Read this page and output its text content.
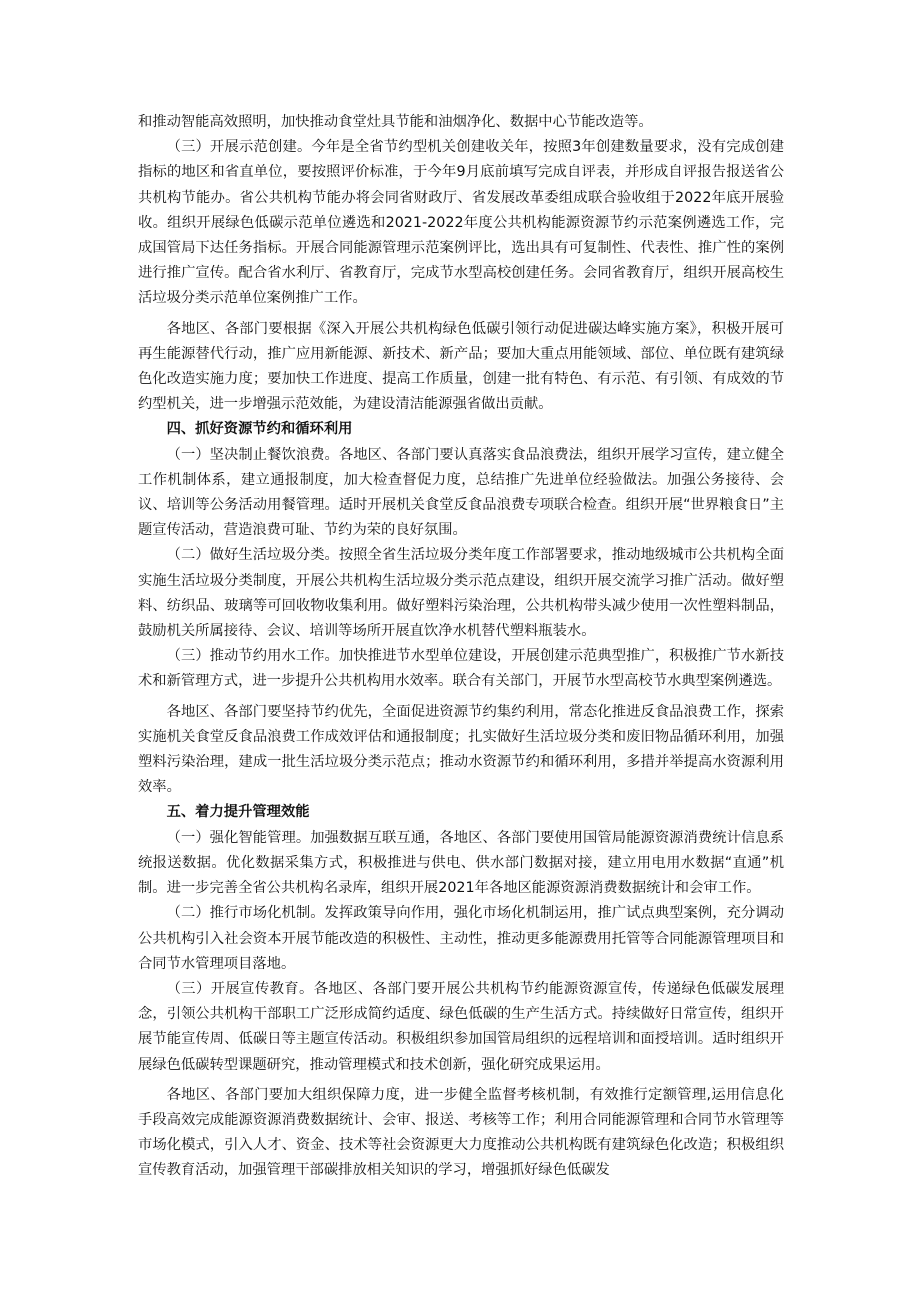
和推动智能高效照明，加快推动食堂灶具节能和油烟净化、数据中心节能改造等。

（三）开展示范创建。今年是全省节约型机关创建收关年，按照3年创建数量要求，没有完成创建指标的地区和省直单位，要按照评价标准，于今年9月底前填写完成自评表，并形成自评报告报送省公共机构节能办。省公共机构节能办将会同省财政厅、省发展改革委组成联合验收组于2022年底开展验收。组织开展绿色低碳示范单位遴选和2021-2022年度公共机构能源资源节约示范案例遴选工作，完成国管局下达任务指标。开展合同能源管理示范案例评比，选出具有可复制性、代表性、推广性的案例进行推广宣传。配合省水利厅、省教育厅，完成节水型高校创建任务。会同省教育厅，组织开展高校生活垃圾分类示范单位案例推广工作。

各地区、各部门要根据《深入开展公共机构绿色低碳引领行动促进碳达峰实施方案》，积极开展可再生能源替代行动，推广应用新能源、新技术、新产品；要加大重点用能领域、部位、单位既有建筑绿色化改造实施力度；要加快工作进度、提高工作质量，创建一批有特色、有示范、有引领、有成效的节约型机关，进一步增强示范效能，为建设清洁能源强省做出贡献。

四、抓好资源节约和循环利用

（一）坚决制止餐饮浪费。各地区、各部门要认真落实食品浪费法，组织开展学习宣传，建立健全工作机制体系，建立通报制度，加大检查督促力度，总结推广先进单位经验做法。加强公务接待、会议、培训等公务活动用餐管理。适时开展机关食堂反食品浪费专项联合检查。组织开展“世界粮食日”主题宣传活动，营造浪费可耻、节约为荣的良好氛围。

（二）做好生活垃圾分类。按照全省生活垃圾分类年度工作部署要求，推动地级城市公共机构全面实施生活垃圾分类制度，开展公共机构生活垃圾分类示范点建设，组织开展交流学习推广活动。做好塑料、纺织品、玻璃等可回收物收集利用。做好塑料污染治理，公共机构带头减少使用一次性塑料制品，鼓励机关所属接待、会议、培训等场所开展直饮净水机替代塑料瓶装水。

（三）推动节约用水工作。加快推进节水型单位建设，开展创建示范典型推广，积极推广节水新技术和新管理方式，进一步提升公共机构用水效率。联合有关部门，开展节水型高校节水典型案例遴选。

各地区、各部门要坚持节约优先，全面促进资源节约集约利用，常态化推进反食品浪费工作，探索实施机关食堂反食品浪费工作成效评估和通报制度；扎实做好生活垃圾分类和废旧物品循环利用，加强塑料污染治理，建成一批生活垃圾分类示范点；推动水资源节约和循环利用，多措并举提高水资源利用效率。

五、着力提升管理效能

（一）强化智能管理。加强数据互联互通，各地区、各部门要使用国管局能源资源消费统计信息系统报送数据。优化数据采集方式，积极推进与供电、供水部门数据对接，建立用电用水数据“直通”机制。进一步完善全省公共机构名录库，组织开展2021年各地区能源资源消费数据统计和会审工作。

（二）推行市场化机制。发挥政策导向作用，强化市场化机制运用，推广试点典型案例，充分调动公共机构引入社会资本开展节能改造的积极性、主动性，推动更多能源费用托管等合同能源管理项目和合同节水管理项目落地。

（三）开展宣传教育。各地区、各部门要开展公共机构节约能源资源宣传，传递绿色低碳发展理念，引领公共机构干部职工广泛形成简约适度、绿色低碳的生产生活方式。持续做好日常宣传，组织开展节能宣传周、低碳日等主题宣传活动。积极组织参加国管局组织的远程培训和面授培训。适时组织开展绿色低碳转型课题研究，推动管理模式和技术创新，强化研究成果运用。

各地区、各部门要加大组织保障力度，进一步健全监督考核机制，有效推行定额管理,运用信息化手段高效完成能源资源消费数据统计、会审、报送、考核等工作；利用合同能源管理和合同节水管理等市场化模式，引入人才、资金、技术等社会资源更大力度推动公共机构既有建筑绿色化改造；积极组织宣传教育活动，加强管理干部碳排放相关知识的学习，增强抓好绿色低碳发
